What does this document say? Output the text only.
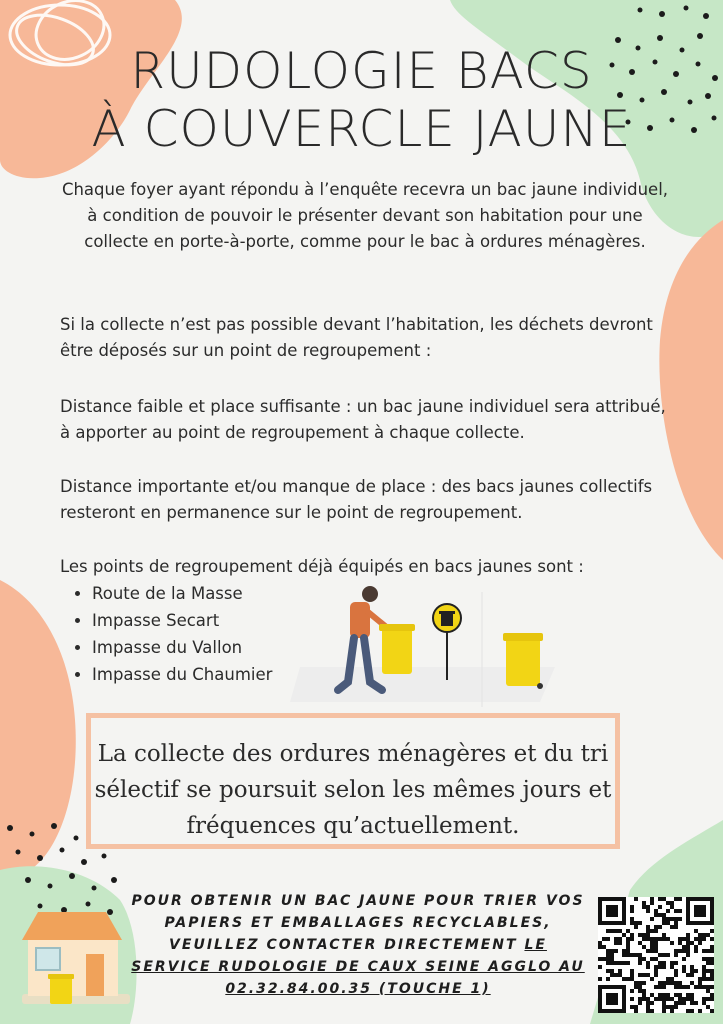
RUDOLOGIE BACS
À COUVERCLE JAUNE
Chaque foyer ayant répondu à l’enquête recevra un bac jaune individuel, à condition de pouvoir le présenter devant son habitation pour une collecte en porte-à-porte, comme pour le bac à ordures ménagères.
Si la collecte n’est pas possible devant l’habitation, les déchets devront être déposés sur un point de regroupement :
Distance faible et place suffisante : un bac jaune individuel sera attribué, à apporter au point de regroupement à chaque collecte.
Distance importante et/ou manque de place : des bacs jaunes collectifs resteront en permanence sur le point de regroupement.
Les points de regroupement déjà équipés en bacs jaunes sont :
• Route de la Masse
• Impasse Secart
• Impasse du Vallon
• Impasse du Chaumier
La collecte des ordures ménagères et du tri sélectif se poursuit selon les mêmes jours et fréquences qu’actuellement.
POUR OBTENIR UN BAC JAUNE POUR TRIER VOS PAPIERS ET EMBALLAGES RECYCLABLES, VEUILLEZ CONTACTER DIRECTEMENT LE SERVICE RUDOLOGIE DE CAUX SEINE AGGLO AU 02.32.84.00.35 (TOUCHE 1)
